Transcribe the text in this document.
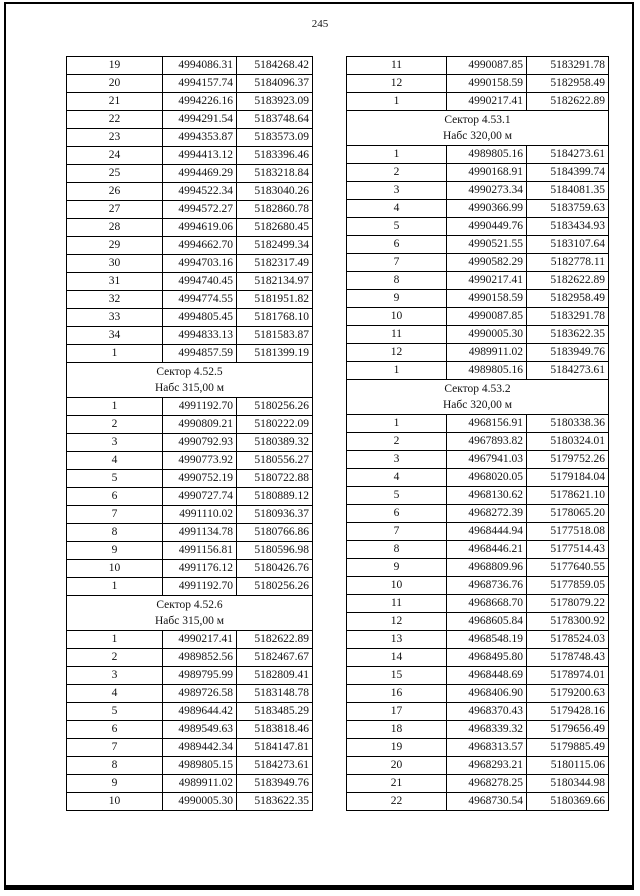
245
19	4994086.31	5184268.42
20	4994157.74	5184096.37
21	4994226.16	5183923.09
22	4994291.54	5183748.64
23	4994353.87	5183573.09
24	4994413.12	5183396.46
25	4994469.29	5183218.84
26	4994522.34	5183040.26
27	4994572.27	5182860.78
28	4994619.06	5182680.45
29	4994662.70	5182499.34
30	4994703.16	5182317.49
31	4994740.45	5182134.97
32	4994774.55	5181951.82
33	4994805.45	5181768.10
34	4994833.13	5181583.87
1	4994857.59	5181399.19

Сектор 4.52.5
Набс 315,00 м		

1	4991192.70	5180256.26
2	4990809.21	5180222.09
3	4990792.93	5180389.32
4	4990773.92	5180556.27
5	4990752.19	5180722.88
6	4990727.74	5180889.12
7	4991110.02	5180936.37
8	4991134.78	5180766.86
9	4991156.81	5180596.98
10	4991176.12	5180426.76
1	4991192.70	5180256.26

Сектор 4.52.6
Набс 315,00 м		

1	4990217.41	5182622.89
2	4989852.56	5182467.67
3	4989795.99	5182809.41
4	4989726.58	5183148.78
5	4989644.42	5183485.29
6	4989549.63	5183818.46
7	4989442.34	5184147.81
8	4989805.15	5184273.61
9	4989911.02	5183949.76
10	4990005.30	5183622.35
11	4990087.85	5183291.78
12	4990158.59	5182958.49
1	4990217.41	5182622.89

Сектор 4.53.1
Набс 320,00 м		

1	4989805.16	5184273.61
2	4990168.91	5184399.74
3	4990273.34	5184081.35
4	4990366.99	5183759.63
5	4990449.76	5183434.93
6	4990521.55	5183107.64
7	4990582.29	5182778.11
8	4990217.41	5182622.89
9	4990158.59	5182958.49
10	4990087.85	5183291.78
11	4990005.30	5183622.35
12	4989911.02	5183949.76
1	4989805.16	5184273.61

Сектор 4.53.2
Набс 320,00 м		

1	4968156.91	5180338.36
2	4967893.82	5180324.01
3	4967941.03	5179752.26
4	4968020.05	5179184.04
5	4968130.62	5178621.10
6	4968272.39	5178065.20
7	4968444.94	5177518.08
8	4968446.21	5177514.43
9	4968809.96	5177640.55
10	4968736.76	5177859.05
11	4968668.70	5178079.22
12	4968605.84	5178300.92
13	4968548.19	5178524.03
14	4968495.80	5178748.43
15	4968448.69	5178974.01
16	4968406.90	5179200.63
17	4968370.43	5179428.16
18	4968339.32	5179656.49
19	4968313.57	5179885.49
20	4968293.21	5180115.06
21	4968278.25	5180344.98
22	4968730.54	5180369.66
